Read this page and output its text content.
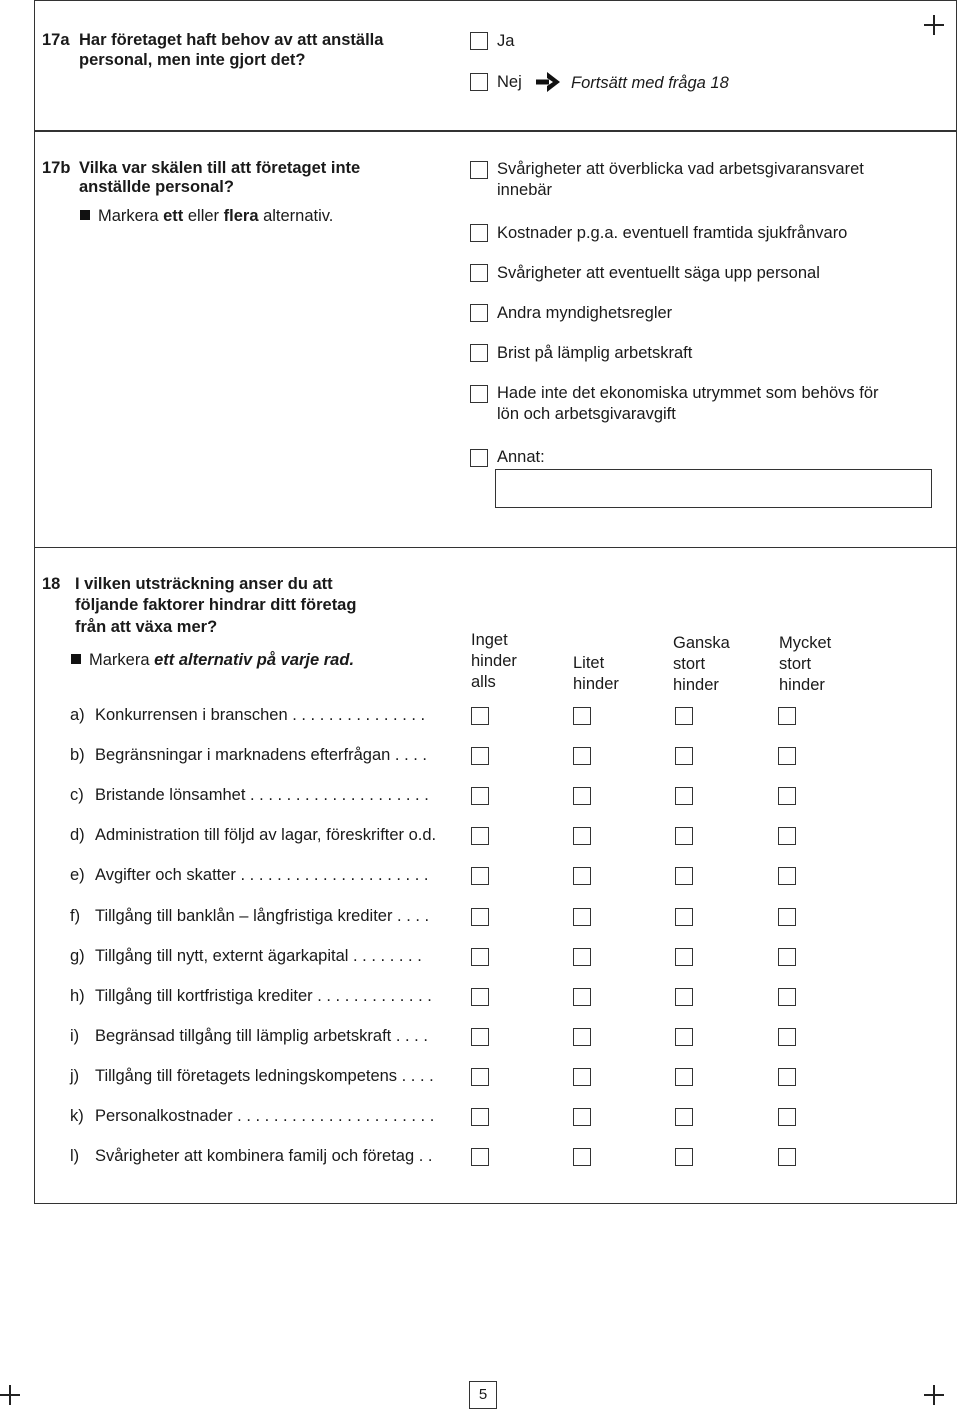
17a Har företaget haft behov av att anställa
personal, men inte gjort det?
Ja
Nej	Fortsätt med fråga 18
17b Vilka var skälen till att företaget inte
anställde personal?
Markera ett eller flera alternativ.
Svårigheter att överblicka vad arbetsgivaransvaret
innebär
Kostnader p.g.a. eventuell framtida sjukfrånvaro
Svårigheter att eventuellt säga upp personal
Andra myndighetsregler
Brist på lämplig arbetskraft
Hade inte det ekonomiska utrymmet som behövs för
lön och arbetsgivaravgift
Annat:
18 I vilken utsträckning anser du att
följande faktorer hindrar ditt företag
från att växa mer?
Markera ett alternativ på varje rad.
Inget
hinder
alls
Litet
hinder
Ganska
stort
hinder
Mycket
stort
hinder
a) Konkurrensen i branschen . . . . . . . . . . . . . . .
b) Begränsningar i marknadens efterfrågan . . . .
c) Bristande lönsamhet . . . . . . . . . . . . . . . . . . . .
d) Administration till följd av lagar, föreskrifter o.d.
e) Avgifter och skatter . . . . . . . . . . . . . . . . . . . . .
f) Tillgång till banklån – långfristiga krediter . . . .
g) Tillgång till nytt, externt ägarkapital . . . . . . . .
h) Tillgång till kortfristiga krediter . . . . . . . . . . . . .
i) Begränsad tillgång till lämplig arbetskraft . . . .
j) Tillgång till företagets ledningskompetens . . . .
k) Personalkostnader . . . . . . . . . . . . . . . . . . . . . .
l) Svårigheter att kombinera familj och företag . .
5
